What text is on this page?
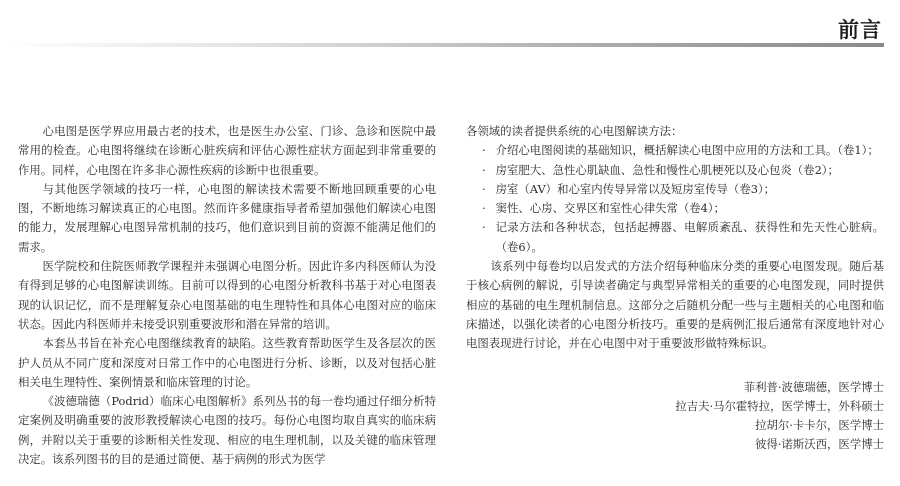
前言

心电图是医学界应用最古老的技术，也是医生办公室、门诊、急诊和医院中最常用的检查。心电图将继续在诊断心脏疾病和评估心源性症状方面起到非常重要的作用。同样，心电图在许多非心源性疾病的诊断中也很重要。

与其他医学领域的技巧一样，心电图的解读技术需要不断地回顾重要的心电图，不断地练习解读真正的心电图。然而许多健康指导者希望加强他们解读心电图的能力，发展理解心电图异常机制的技巧，他们意识到目前的资源不能满足他们的需求。

医学院校和住院医师教学课程并未强调心电图分析。因此许多内科医师认为没有得到足够的心电图解读训练。目前可以得到的心电图分析教科书基于对心电图表现的认识记忆，而不是理解复杂心电图基础的电生理特性和具体心电图对应的临床状态。因此内科医师并未接受识别重要波形和潜在异常的培训。

本套丛书旨在补充心电图继续教育的缺陷。这些教育帮助医学生及各层次的医护人员从不同广度和深度对日常工作中的心电图进行分析、诊断，以及对包括心脏相关电生理特性、案例情景和临床管理的讨论。

《波德瑞德（Podrid）临床心电图解析》系列丛书的每一卷均通过仔细分析特定案例及明确重要的波形教授解读心电图的技巧。每份心电图均取自真实的临床病例，并附以关于重要的诊断相关性发现、相应的电生理机制，以及关键的临床管理决定。该系列图书的目的是通过简便、基于病例的形式为医学

各领域的读者提供系统的心电图解读方法：

· 介绍心电图阅读的基础知识，概括解读心电图中应用的方法和工具。（卷1）；
· 房室肥大、急性心肌缺血、急性和慢性心肌梗死以及心包炎（卷2）；
· 房室（AV）和心室内传导异常以及短房室传导（卷3）；
· 窦性、心房、交界区和室性心律失常（卷4）；
· 记录方法和各种状态，包括起搏器、电解质紊乱、获得性和先天性心脏病。（卷6）。

该系列中每卷均以启发式的方法介绍每种临床分类的重要心电图发现。随后基于核心病例的解说，引导读者确定与典型异常相关的重要的心电图发现，同时提供相应的基础的电生理机制信息。这部分之后随机分配一些与主题相关的心电图和临床描述，以强化读者的心电图分析技巧。重要的是病例汇报后通常有深度地针对心电图表现进行讨论，并在心电图中对于重要波形做特殊标识。

菲利普·波德瑞德，医学博士
拉吉夫·马尔霍特拉，医学博士，外科硕士
拉胡尔·卡卡尔，医学博士
彼得·诺斯沃西，医学博士
